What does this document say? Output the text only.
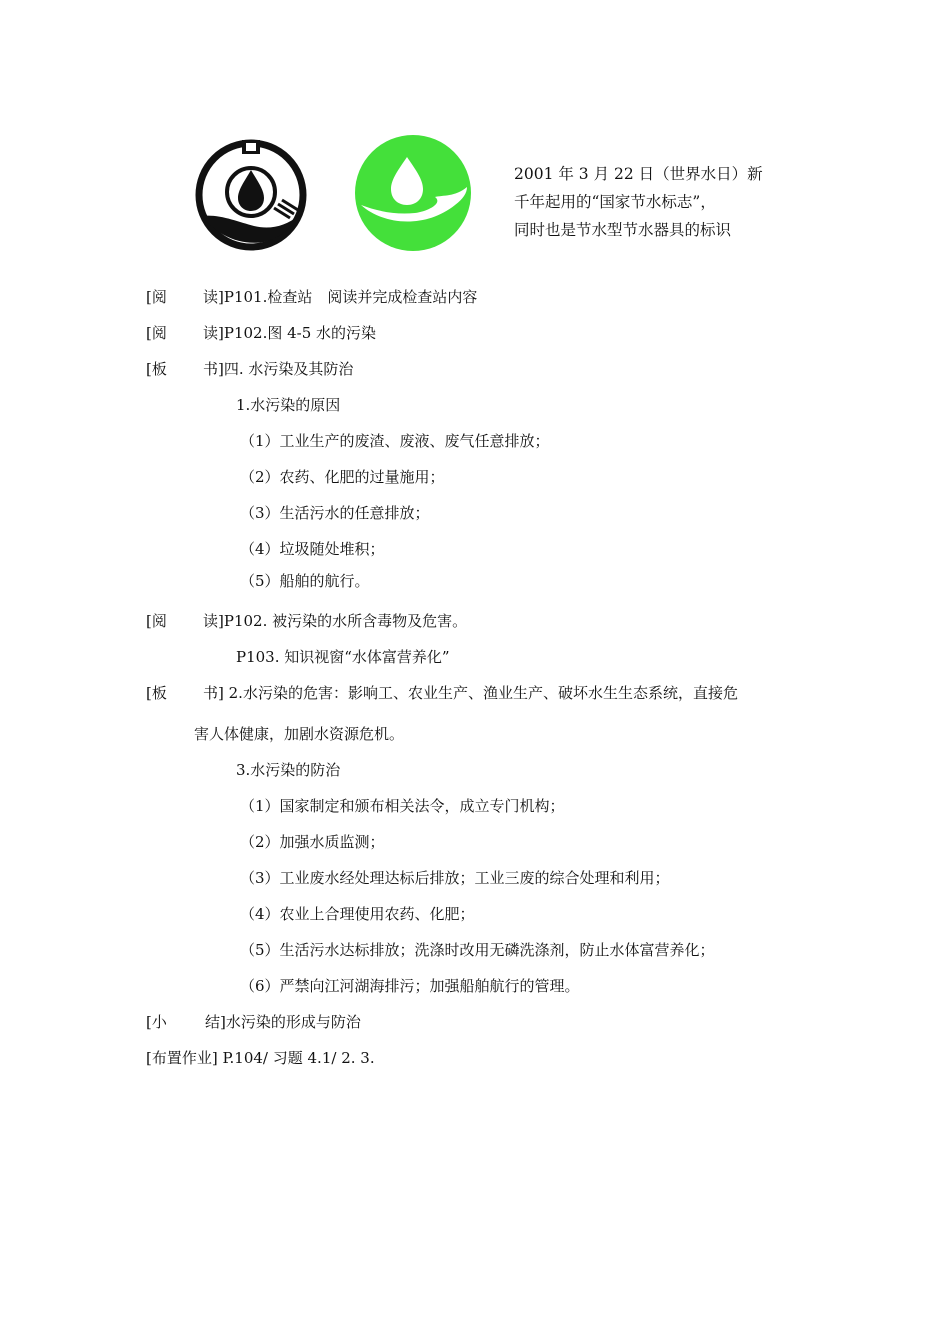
2001 年 3 月 22 日（世界水日）新
千年起用的“国家节水标志”，
同时也是节水型节水器具的标识
[阅 读]P101.检查站　阅读并完成检查站内容
[阅 读]P102.图 4-5 水的污染
[板 书]四. 水污染及其防治
1.水污染的原因
（1）工业生产的废渣、废液、废气任意排放；
（2）农药、化肥的过量施用；
（3）生活污水的任意排放；
（4）垃圾随处堆积；
（5）船舶的航行。
[阅 读]P102. 被污染的水所含毒物及危害。
P103. 知识视窗“水体富营养化”
[板 书] 2.水污染的危害：影响工、农业生产、渔业生产、破坏水生生态系统，直接危
害人体健康，加剧水资源危机。
3.水污染的防治
（1）国家制定和颁布相关法令，成立专门机构；
（2）加强水质监测；
（3）工业废水经处理达标后排放；工业三废的综合处理和利用；
（4）农业上合理使用农药、化肥；
（5）生活污水达标排放；洗涤时改用无磷洗涤剂，防止水体富营养化；
（6）严禁向江河湖海排污；加强船舶航行的管理。
[小	结]水污染的形成与防治
[布置作业] P.104/ 习题 4.1/ 2. 3.
